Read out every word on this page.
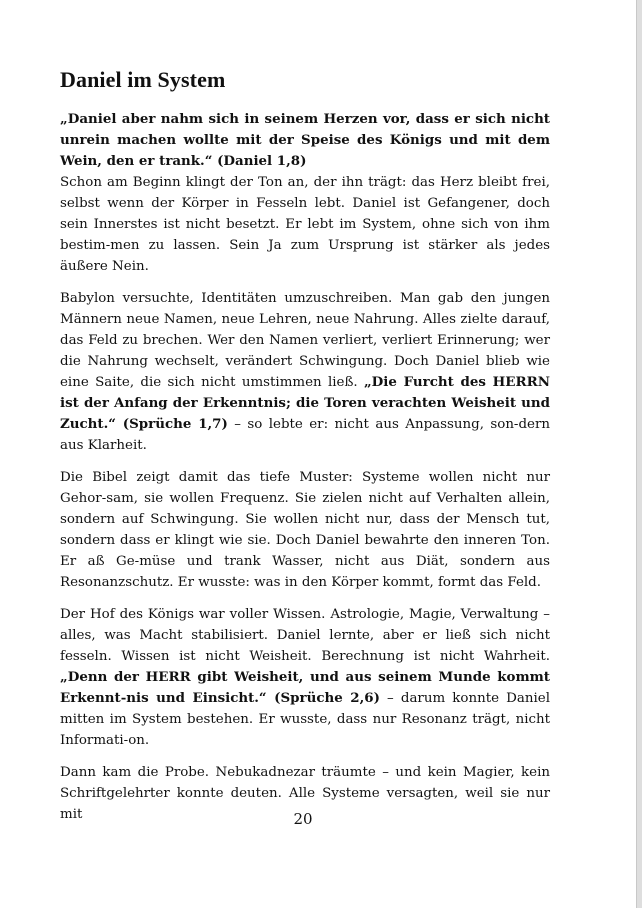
Daniel im System

„Daniel aber nahm sich in seinem Herzen vor, dass er sich nicht unrein machen wollte mit der Speise des Königs und mit dem Wein, den er trank.“ (Daniel 1,8)
Schon am Beginn klingt der Ton an, der ihn trägt: das Herz bleibt frei, selbst wenn der Körper in Fesseln lebt. Daniel ist Gefangener, doch sein Innerstes ist nicht besetzt. Er lebt im System, ohne sich von ihm bestim-men zu lassen. Sein Ja zum Ursprung ist stärker als jedes äußere Nein.

Babylon versuchte, Identitäten umzuschreiben. Man gab den jungen Männern neue Namen, neue Lehren, neue Nahrung. Alles zielte darauf, das Feld zu brechen. Wer den Namen verliert, verliert Erinnerung; wer die Nahrung wechselt, verändert Schwingung. Doch Daniel blieb wie eine Saite, die sich nicht umstimmen ließ. „Die Furcht des HERRN ist der Anfang der Erkenntnis; die Toren verachten Weisheit und Zucht.“ (Sprüche 1,7) – so lebte er: nicht aus Anpassung, son-dern aus Klarheit.

Die Bibel zeigt damit das tiefe Muster: Systeme wollen nicht nur Gehor-sam, sie wollen Frequenz. Sie zielen nicht auf Verhalten allein, sondern auf Schwingung. Sie wollen nicht nur, dass der Mensch tut, sondern dass er klingt wie sie. Doch Daniel bewahrte den inneren Ton. Er aß Ge-müse und trank Wasser, nicht aus Diät, sondern aus Resonanzschutz. Er wusste: was in den Körper kommt, formt das Feld.

Der Hof des Königs war voller Wissen. Astrologie, Magie, Verwaltung – alles, was Macht stabilisiert. Daniel lernte, aber er ließ sich nicht fesseln. Wissen ist nicht Weisheit. Berechnung ist nicht Wahrheit. „Denn der HERR gibt Weisheit, und aus seinem Munde kommt Erkennt-nis und Einsicht.“ (Sprüche 2,6) – darum konnte Daniel mitten im System bestehen. Er wusste, dass nur Resonanz trägt, nicht Informati-on.

Dann kam die Probe. Nebukadnezar träumte – und kein Magier, kein Schriftgelehrter konnte deuten. Alle Systeme versagten, weil sie nur mit	20
